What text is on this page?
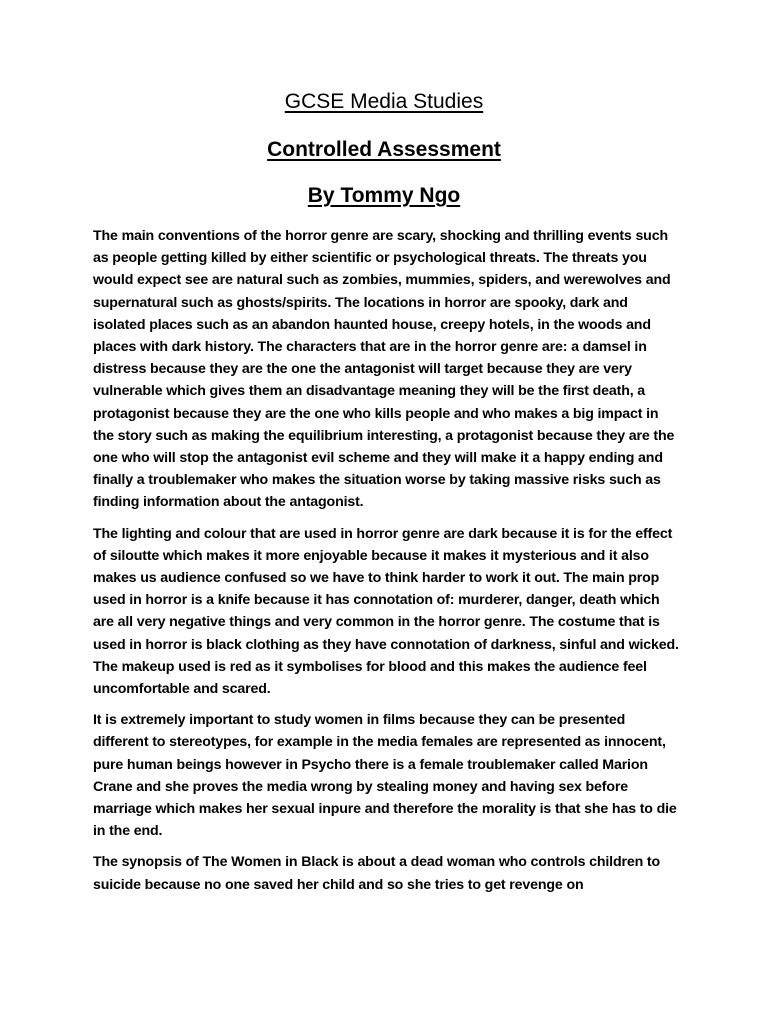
GCSE Media Studies
Controlled Assessment
By Tommy Ngo

The main conventions of the horror genre are scary, shocking and thrilling events such as people getting killed by either scientific or psychological threats. The threats you would expect see are natural such as zombies, mummies, spiders, and werewolves and supernatural such as ghosts/spirits. The locations in horror are spooky, dark and isolated places such as an abandon haunted house, creepy hotels, in the woods and places with dark history. The characters that are in the horror genre are: a damsel in distress because they are the one the antagonist will target because they are very vulnerable which gives them an disadvantage meaning they will be the first death, a protagonist because they are the one who kills people and who makes a big impact in the story such as making the equilibrium interesting, a protagonist because they are the one who will stop the antagonist evil scheme and they will make it a happy ending and finally a troublemaker who makes the situation worse by taking massive risks such as finding information about the antagonist.

The lighting and colour that are used in horror genre are dark because it is for the effect of siloutte which makes it more enjoyable because it makes it mysterious and it also makes us audience confused so we have to think harder to work it out. The main prop used in horror is a knife because it has connotation of: murderer, danger, death which are all very negative things and very common in the horror genre. The costume that is used in horror is black clothing as they have connotation of darkness, sinful and wicked. The makeup used is red as it symbolises for blood and this makes the audience feel uncomfortable and scared.

It is extremely important to study women in films because they can be presented different to stereotypes, for example in the media females are represented as innocent, pure human beings however in Psycho there is a female troublemaker called Marion Crane and she proves the media wrong by stealing money and having sex before marriage which makes her sexual inpure and therefore the morality is that she has to die in the end.

The synopsis of The Women in Black is about a dead woman who controls children to suicide because no one saved her child and so she tries to get revenge on
